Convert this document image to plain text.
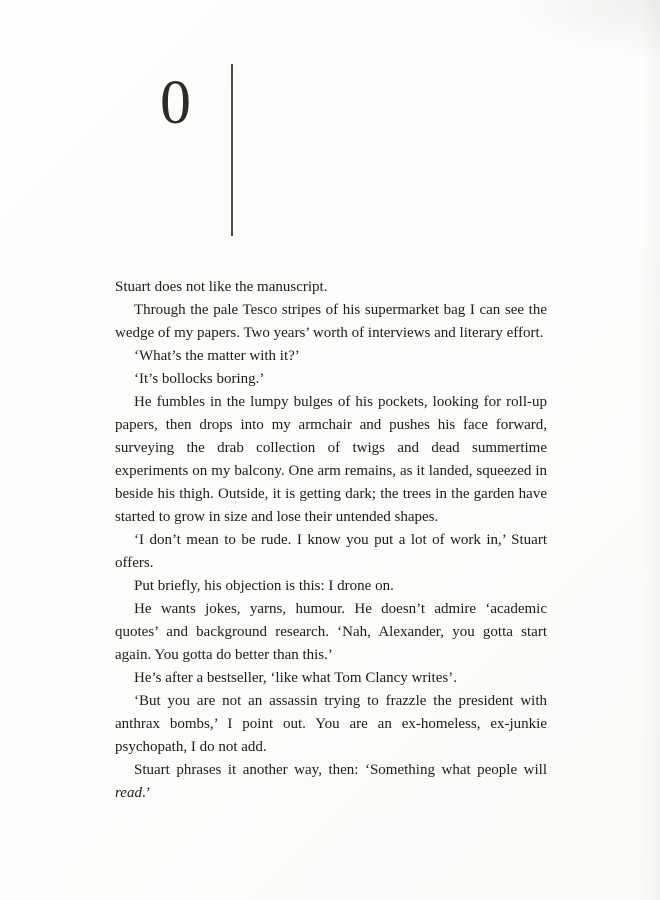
0

Stuart does not like the manuscript.

Through the pale Tesco stripes of his supermarket bag I can see the wedge of my papers. Two years’ worth of interviews and literary effort.

‘What’s the matter with it?’

‘It’s bollocks boring.’

He fumbles in the lumpy bulges of his pockets, looking for roll-up papers, then drops into my armchair and pushes his face forward, surveying the drab collection of twigs and dead summertime experiments on my balcony. One arm remains, as it landed, squeezed in beside his thigh. Outside, it is getting dark; the trees in the garden have started to grow in size and lose their untended shapes.

‘I don’t mean to be rude. I know you put a lot of work in,’ Stuart offers.

Put briefly, his objection is this: I drone on.

He wants jokes, yarns, humour. He doesn’t admire ‘academic quotes’ and background research. ‘Nah, Alexander, you gotta start again. You gotta do better than this.’

He’s after a bestseller, ‘like what Tom Clancy writes’.

‘But you are not an assassin trying to frazzle the president with anthrax bombs,’ I point out. You are an ex-homeless, ex-junkie psychopath, I do not add.

Stuart phrases it another way, then: ‘Something what people will read.’
